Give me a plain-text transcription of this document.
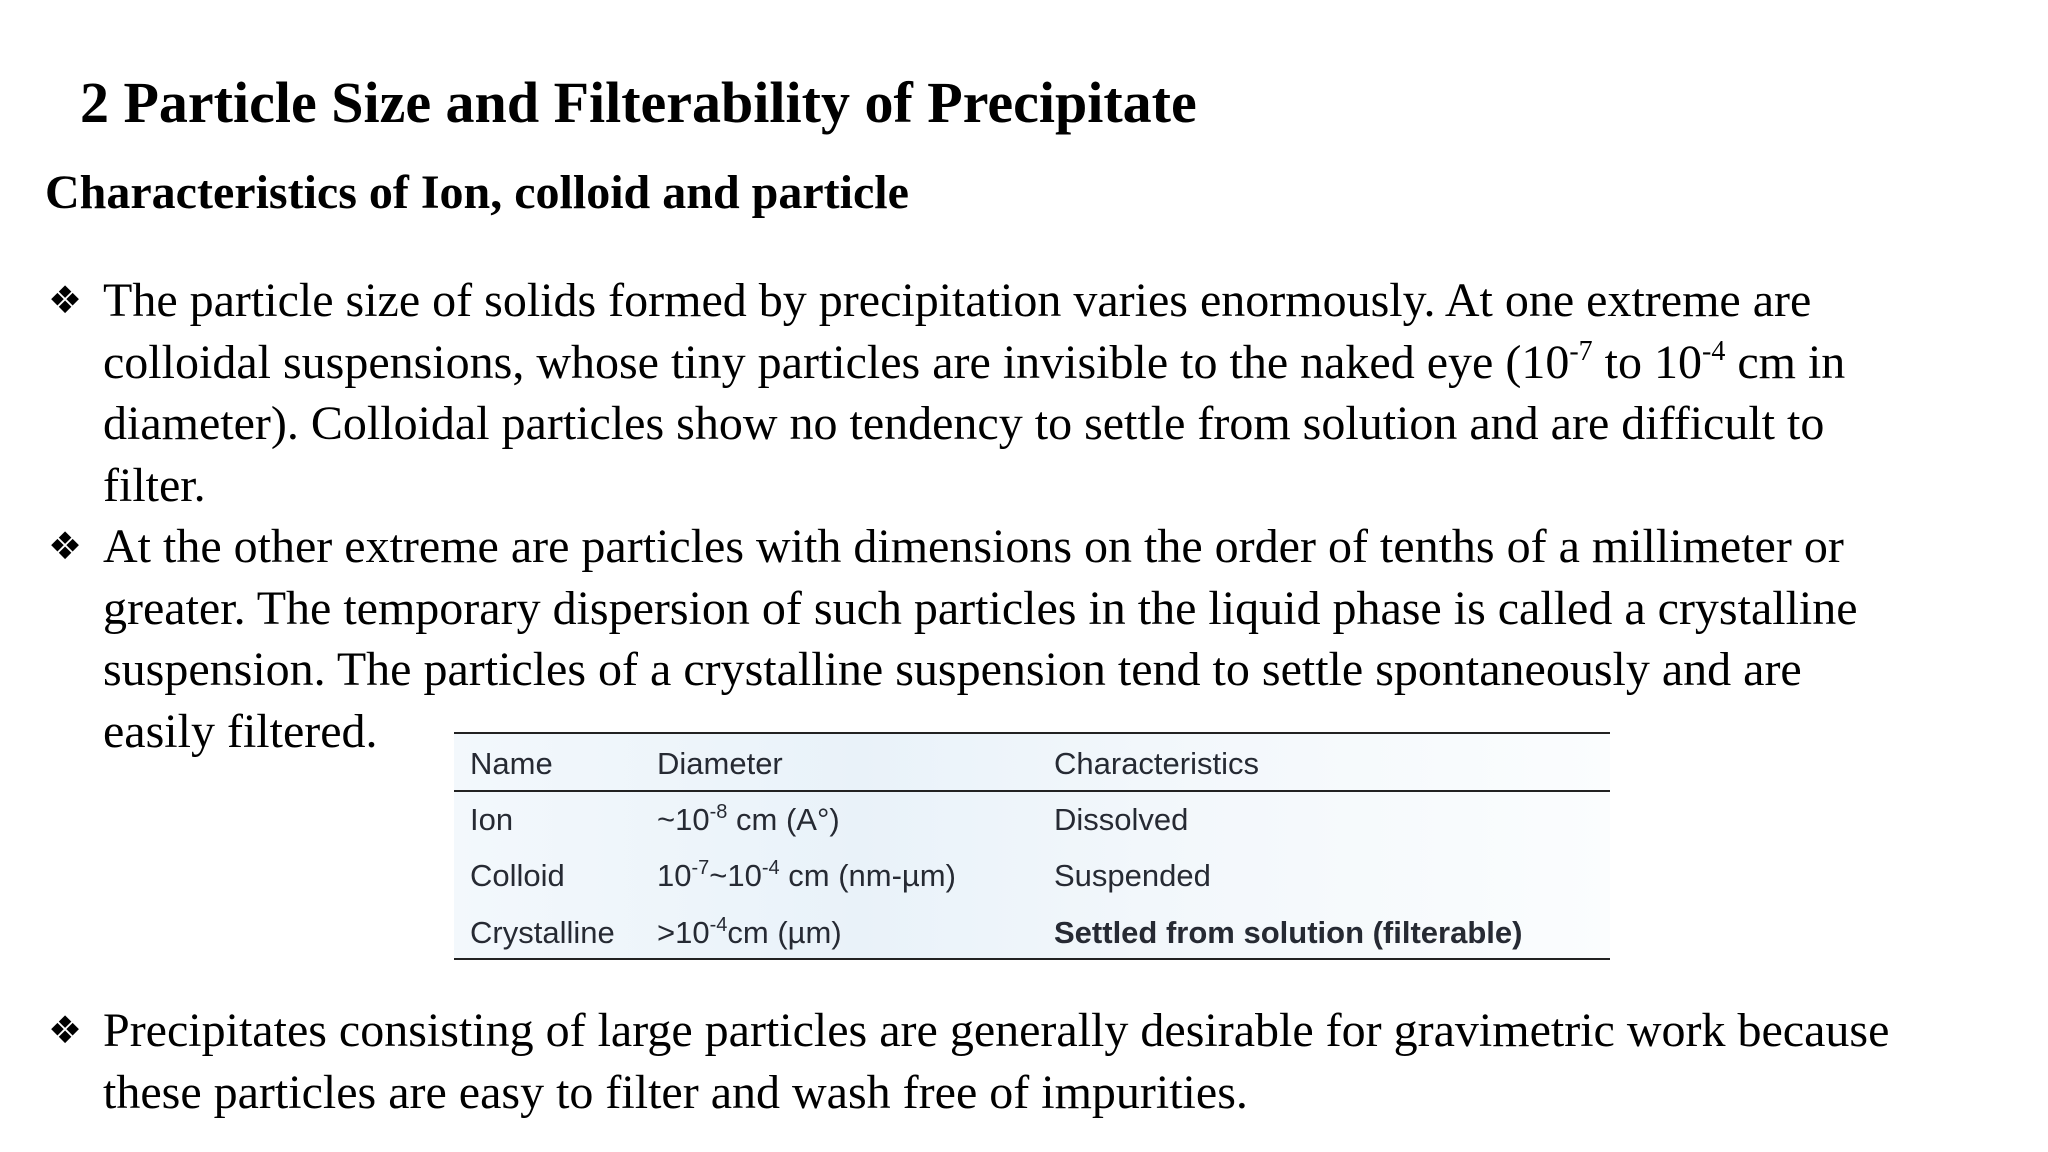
2 Particle Size and Filterability of Precipitate
Characteristics of Ion, colloid and particle
❖ The particle size of solids formed by precipitation varies enormously. At one extreme are
colloidal suspensions, whose tiny particles are invisible to the naked eye ($10^{-7}$ to $10^{-4}$ cm in
diameter). Colloidal particles show no tendency to settle from solution and are difficult to
filter.
❖ At the other extreme are particles with dimensions on the order of tenths of a millimeter or
greater. The temporary dispersion of such particles in the liquid phase is called a crystalline
suspension. The particles of a crystalline suspension tend to settle spontaneously and are
easily filtered.
Name	Diameter	Characteristics
Ion	$\sim 10^{-8}$ cm (A°)	Dissolved
Colloid	$10^{-7}\sim 10^{-4}$ cm (nm-µm)	Suspended
Crystalline $>10^{-4}cm$ (µm)	Settled from solution (filterable)
❖ Precipitates consisting of large particles are generally desirable for gravimetric work because
these particles are easy to filter and wash free of impurities.
